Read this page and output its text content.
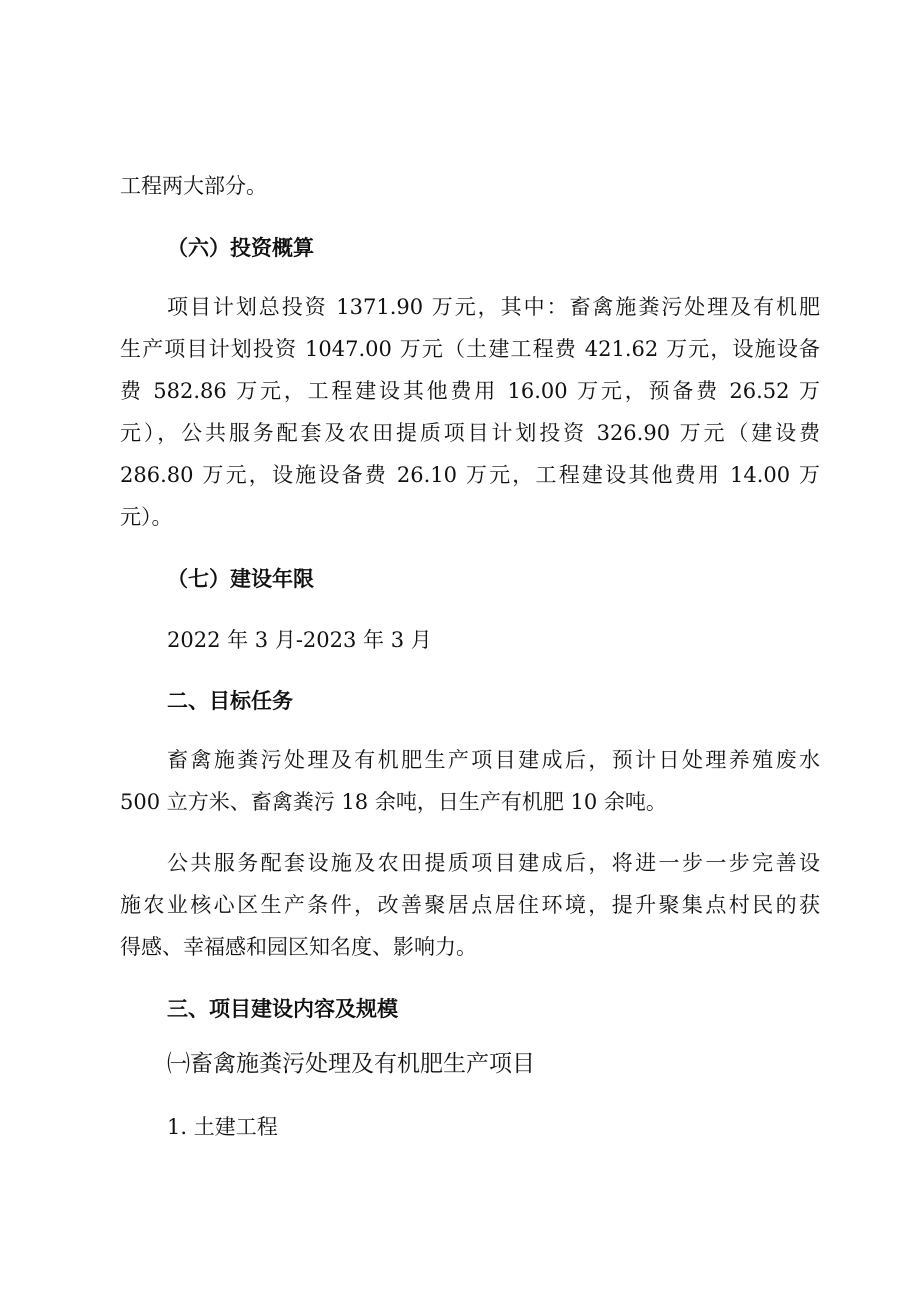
工程两大部分。
（六）投资概算
项目计划总投资 1371.90 万元，其中：畜禽施粪污处理及有机肥
生产项目计划投资 1047.00 万元（土建工程费 421.62 万元，设施设备
费 582.86 万元，工程建设其他费用 16.00 万元，预备费 26.52 万
元），公共服务配套及农田提质项目计划投资 326.90 万元（建设费
286.80 万元，设施设备费 26.10 万元，工程建设其他费用 14.00 万
元）。
（七）建设年限
2022 年 3 月-2023 年 3 月
二、目标任务
畜禽施粪污处理及有机肥生产项目建成后，预计日处理养殖废水
500 立方米、畜禽粪污 18 余吨，日生产有机肥 10 余吨。
公共服务配套设施及农田提质项目建成后，将进一步一步完善设
施农业核心区生产条件，改善聚居点居住环境，提升聚集点村民的获
得感、幸福感和园区知名度、影响力。
三、项目建设内容及规模
㈠畜禽施粪污处理及有机肥生产项目
1. 土建工程
